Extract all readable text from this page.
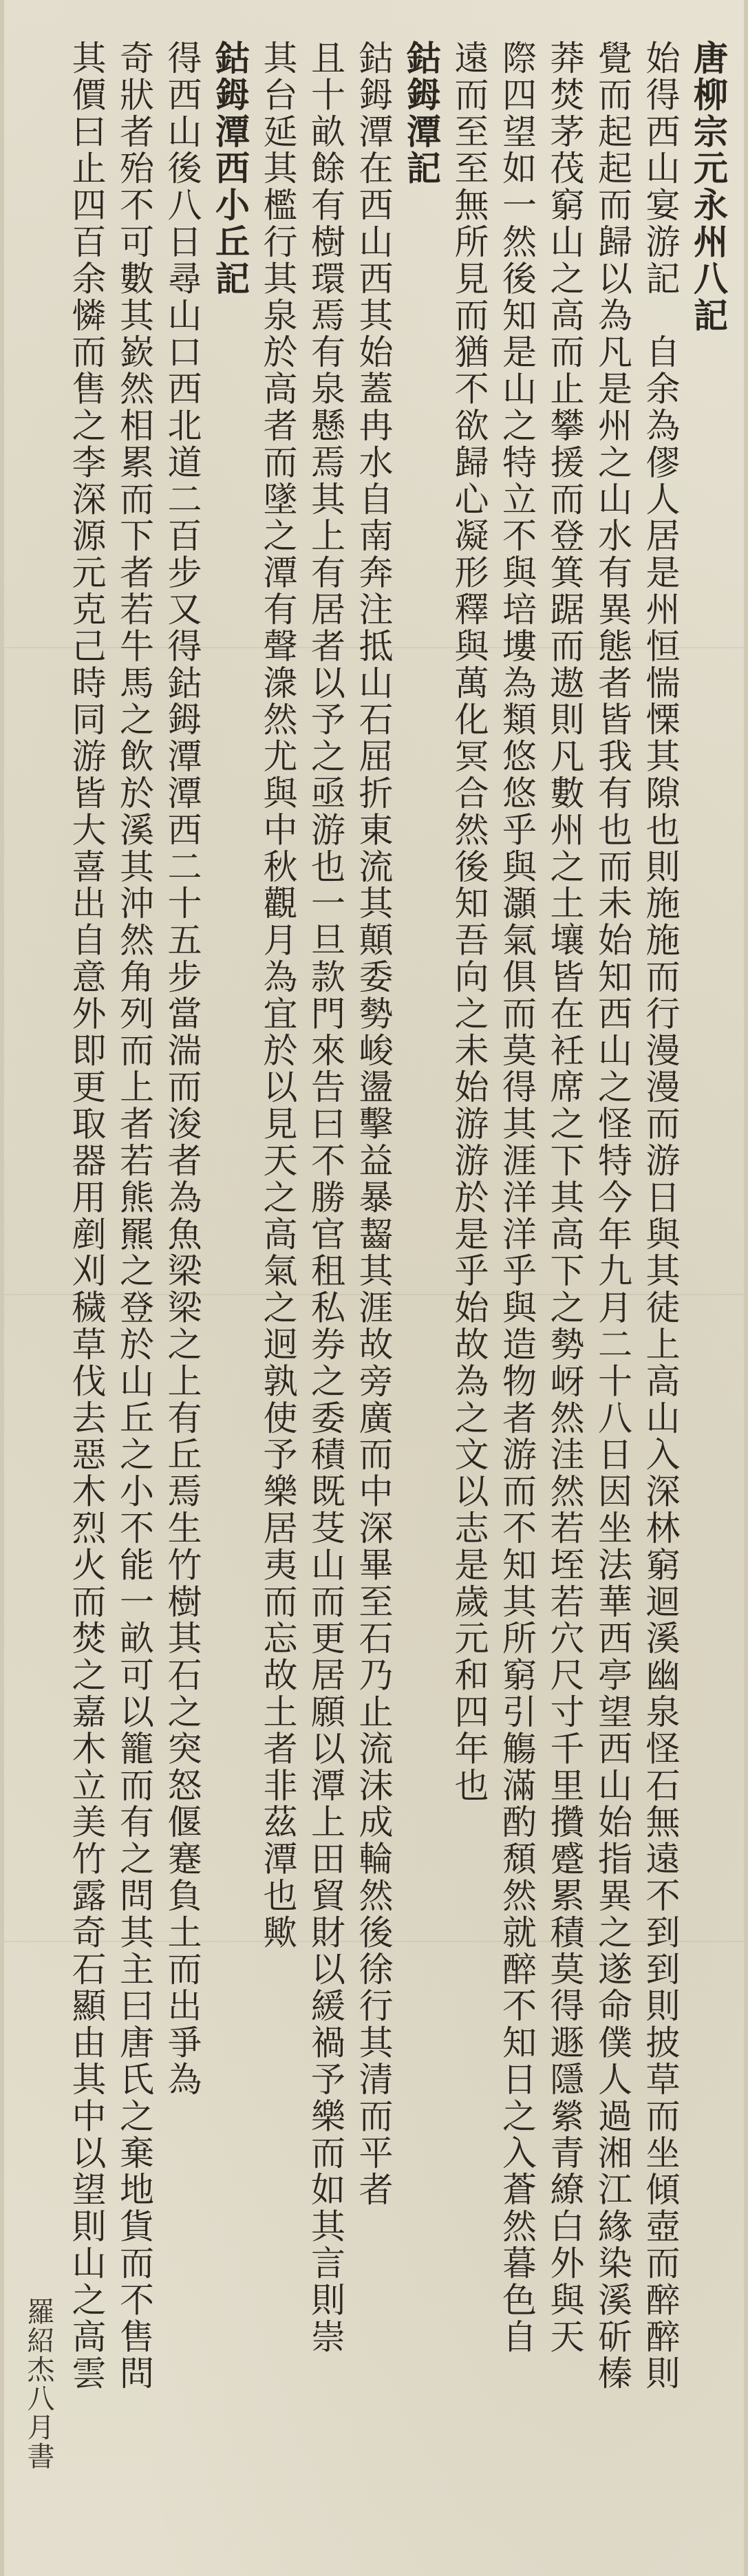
唐柳宗元永州八記
始得西山宴游記　自余為僇人居是州恒惴慄其隙也則施施而行漫漫而游日與其徒上高山入深林窮迴溪幽泉怪石無遠不到到則披草而坐傾壺而醉醉則
覺而起起而歸以為凡是州之山水有異態者皆我有也而未始知西山之怪特今年九月二十八日因坐法華西亭望西山始指異之遂命僕人過湘江緣染溪斫榛
莽焚茅茷窮山之高而止攀援而登箕踞而遨則凡數州之土壤皆在衽席之下其高下之勢岈然洼然若垤若穴尺寸千里攢蹙累積莫得遯隱縈青繚白外與天
際四望如一然後知是山之特立不與培塿為類悠悠乎與灝氣俱而莫得其涯洋洋乎與造物者游而不知其所窮引觴滿酌頹然就醉不知日之入蒼然暮色自
遠而至至無所見而猶不欲歸心凝形釋與萬化冥合然後知吾向之未始游游於是乎始故為之文以志是歲元和四年也
鈷鉧潭記
鈷鉧潭在西山西其始蓋冉水自南奔注抵山石屈折東流其顛委勢峻盪擊益暴齧其涯故旁廣而中深畢至石乃止流沫成輪然後徐行其清而平者
且十畝餘有樹環焉有泉懸焉其上有居者以予之亟游也一旦款門來告曰不勝官租私券之委積既芟山而更居願以潭上田貿財以緩禍予樂而如其言則崇
其台延其檻行其泉於高者而墜之潭有聲潨然尤與中秋觀月為宜於以見天之高氣之迥孰使予樂居夷而忘故土者非茲潭也歟
鈷鉧潭西小丘記
得西山後八日尋山口西北道二百步又得鈷鉧潭潭西二十五步當湍而浚者為魚梁梁之上有丘焉生竹樹其石之突怒偃蹇負土而出爭為
奇狀者殆不可數其嶔然相累而下者若牛馬之飲於溪其沖然角列而上者若熊羆之登於山丘之小不能一畝可以籠而有之問其主曰唐氏之棄地貨而不售問
其價曰止四百余憐而售之李深源元克己時同游皆大喜出自意外即更取器用剷刈穢草伐去惡木烈火而焚之嘉木立美竹露奇石顯由其中以望則山之高雲
羅紹杰八月書
